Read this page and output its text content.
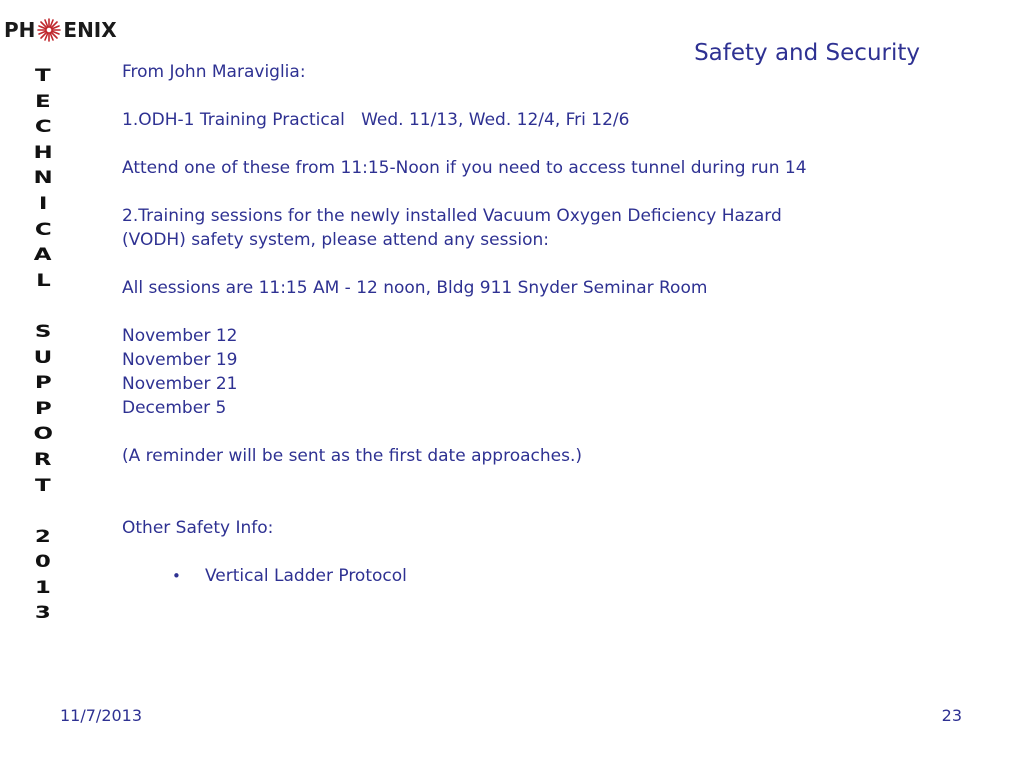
PH ENIX
Safety and Security
T
E
C
H
N
I
C
A
L
S
U
P
P
O
R
T
2
0
1
3
From John Maraviglia:
1.ODH-1 Training Practical   Wed. 11/13, Wed. 12/4, Fri 12/6
Attend one of these from 11:15-Noon if you need to access tunnel during run 14
2.Training sessions for the newly installed Vacuum Oxygen Deficiency Hazard
(VODH) safety system, please attend any session:
All sessions are 11:15 AM - 12 noon, Bldg 911 Snyder Seminar Room
November 12
November 19
November 21
December 5
(A reminder will be sent as the first date approaches.)
Other Safety Info:
•	Vertical Ladder Protocol
11/7/2013	23
